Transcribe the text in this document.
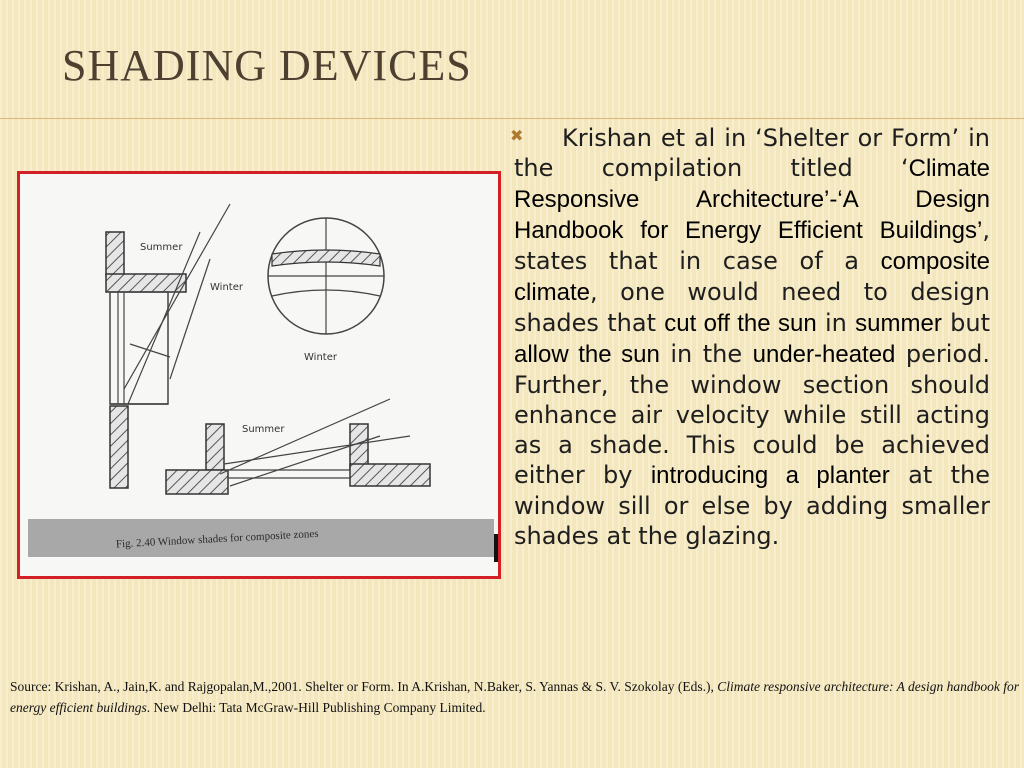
SHADING DEVICES
Summer
Winter
Winter
Summer
Fig. 2.40 Window shades for composite zones
✖	Krishan et al in ‘Shelter or Form’ in the compilation titled ‘Climate Responsive Architecture’-‘A Design Handbook for Energy Efficient Buildings’, states that in case of a composite climate, one would need to design shades that cut off the sun in summer but allow the sun in the under-heated period. Further, the window section should enhance air velocity while still acting as a shade. This could be achieved either by introducing a planter at the window sill or else by adding smaller shades at the glazing.

Source: Krishan, A., Jain,K. and Rajgopalan,M.,2001. Shelter or Form. In A.Krishan, N.Baker, S. Yannas & S. V. Szokolay (Eds.), Climate responsive architecture: A design handbook for energy efficient buildings. New Delhi: Tata McGraw-Hill Publishing Company Limited.
